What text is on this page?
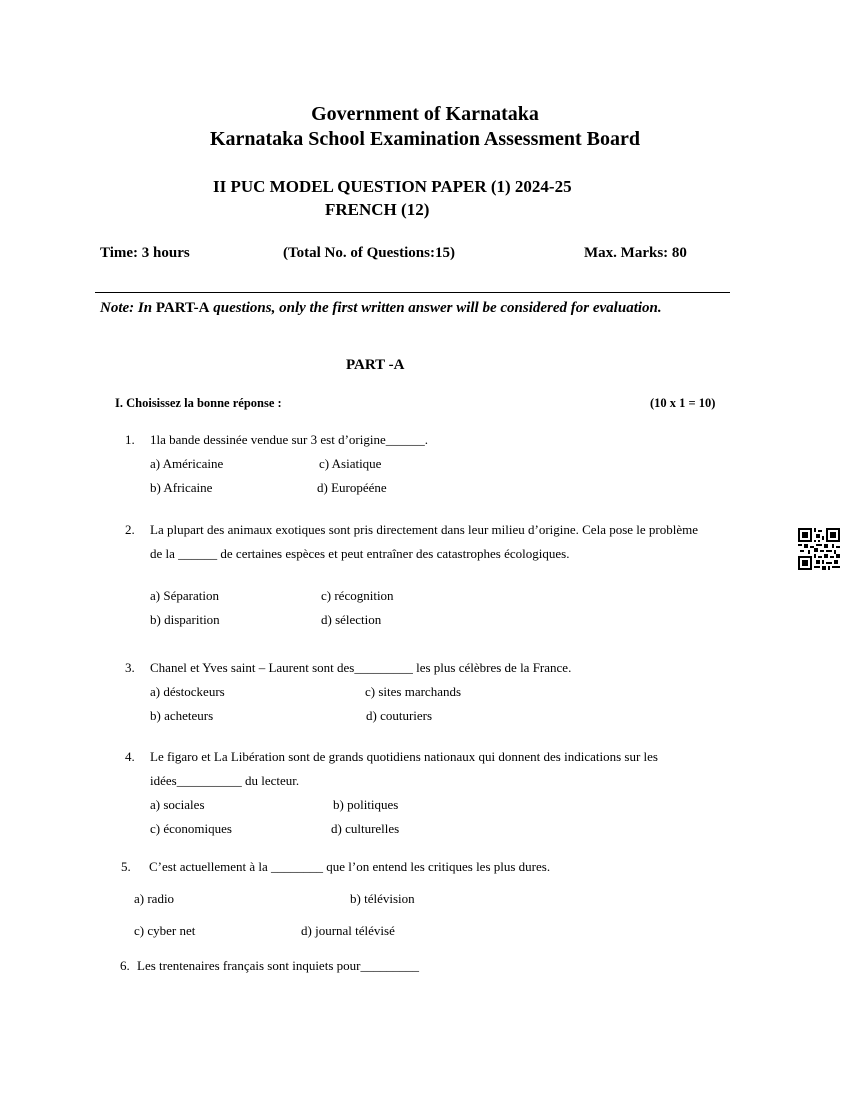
Government of Karnataka
Karnataka School Examination Assessment Board
II PUC MODEL QUESTION PAPER (1) 2024-25
FRENCH (12)
Time: 3 hours	(Total No. of Questions:15)	Max. Marks: 80
Note: In PART-A questions, only the first written answer will be considered for evaluation.
PART -A
I. Choisissez la bonne réponse :	(10 x 1 = 10)
1. 1la bande dessinée vendue sur 3 est d’origine______.
a) Américaine	c) Asiatique
b) Africaine	d) Europééne
2. La plupart des animaux exotiques sont pris directement dans leur milieu d’origine. Cela pose le problème
de la ______ de certaines espèces et peut entraîner des catastrophes écologiques.
a) Séparation	c) récognition
b) disparition	d) sélection
3. Chanel et Yves saint – Laurent sont des_________ les plus célèbres de la France.
a) déstockeurs	c) sites marchands
b) acheteurs	d) couturiers
4. Le figaro et La Libération sont de grands quotidiens nationaux qui donnent des indications sur les
idées__________ du lecteur.
a) sociales	b) politiques
c) économiques	d) culturelles
5. C’est actuellement à la ________ que l’on entend les critiques les plus dures.
a) radio	b) télévision
c) cyber net	d) journal télévisé
6. Les trentenaires français sont inquiets pour_________
